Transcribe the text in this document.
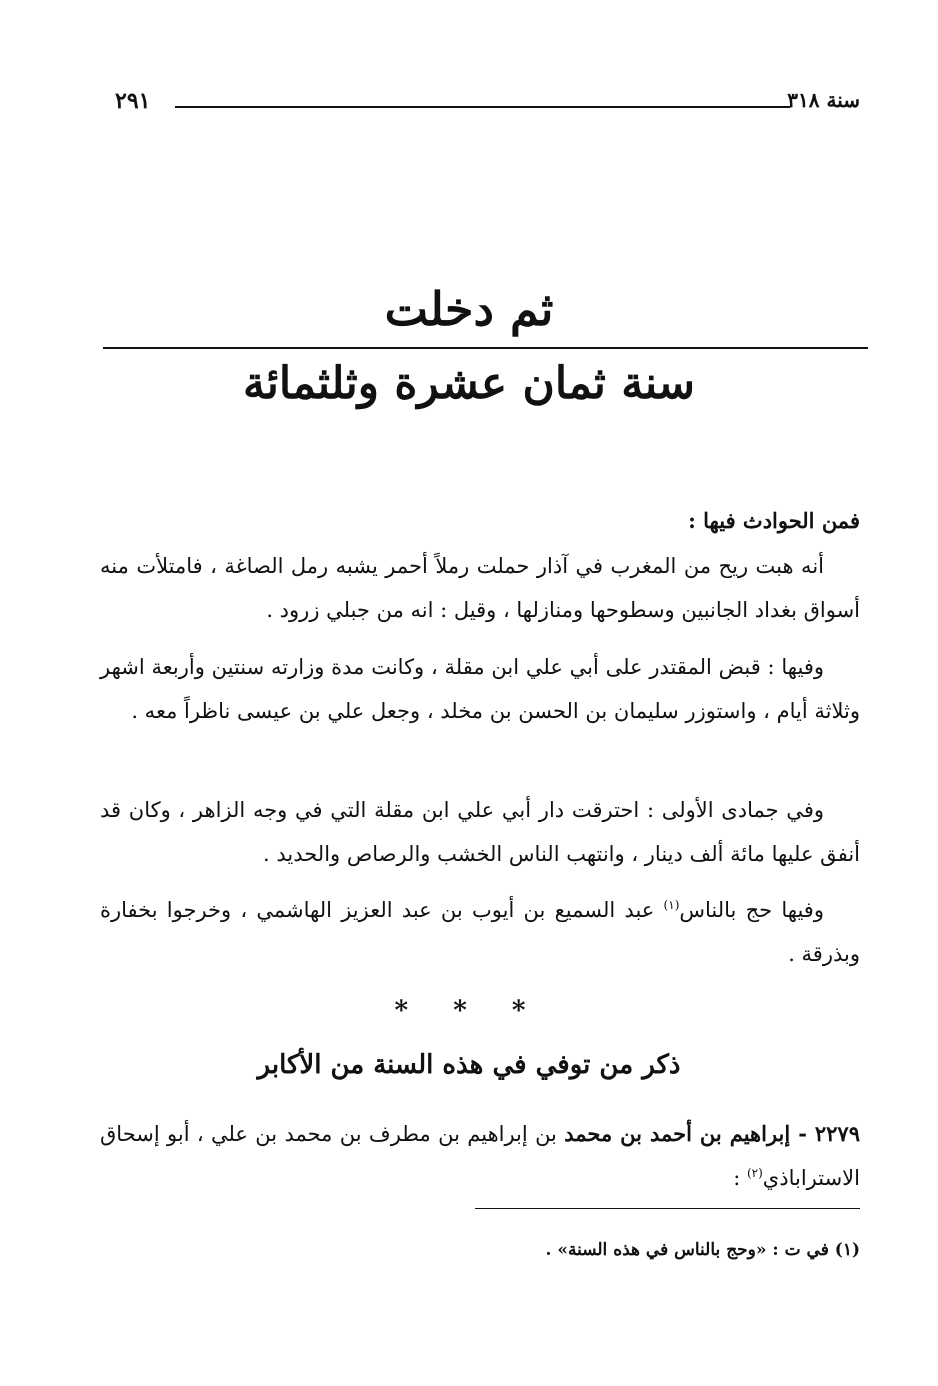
٢٩١	سنة ٣١٨
ثم دخلت
سنة ثمان عشرة وثلثمائة
فمن الحوادث فيها :
أنه هبت ريح من المغرب في آذار حملت رملاً أحمر يشبه رمل الصاغة ، فامتلأت منه أسواق بغداد الجانبين وسطوحها ومنازلها ، وقيل : انه من جبلي زرود .
وفيها : قبض المقتدر على أبي علي ابن مقلة ، وكانت مدة وزارته سنتين وأربعة اشهر وثلاثة أيام ، واستوزر سليمان بن الحسن بن مخلد ، وجعل علي بن عيسى ناظراً معه .
وفي جمادى الأولى : احترقت دار أبي علي ابن مقلة التي في وجه الزاهر ، وكان قد أنفق عليها مائة ألف دينار ، وانتهب الناس الخشب والرصاص والحديد .
وفيها حج بالناس$^{(١)}$ عبد السميع بن أيوب بن عبد العزيز الهاشمي ، وخرجوا بخفارة وبذرقة .
* * *
ذكر من توفي في هذه السنة من الأكابر
٢٢٧٩ - إبراهيم بن أحمد بن محمد بن إبراهيم بن مطرف بن محمد بن علي ، أبو إسحاق الاستراباذي$^{(٢)}$ :
(١) في ت : «وحج بالناس في هذه السنة» .
